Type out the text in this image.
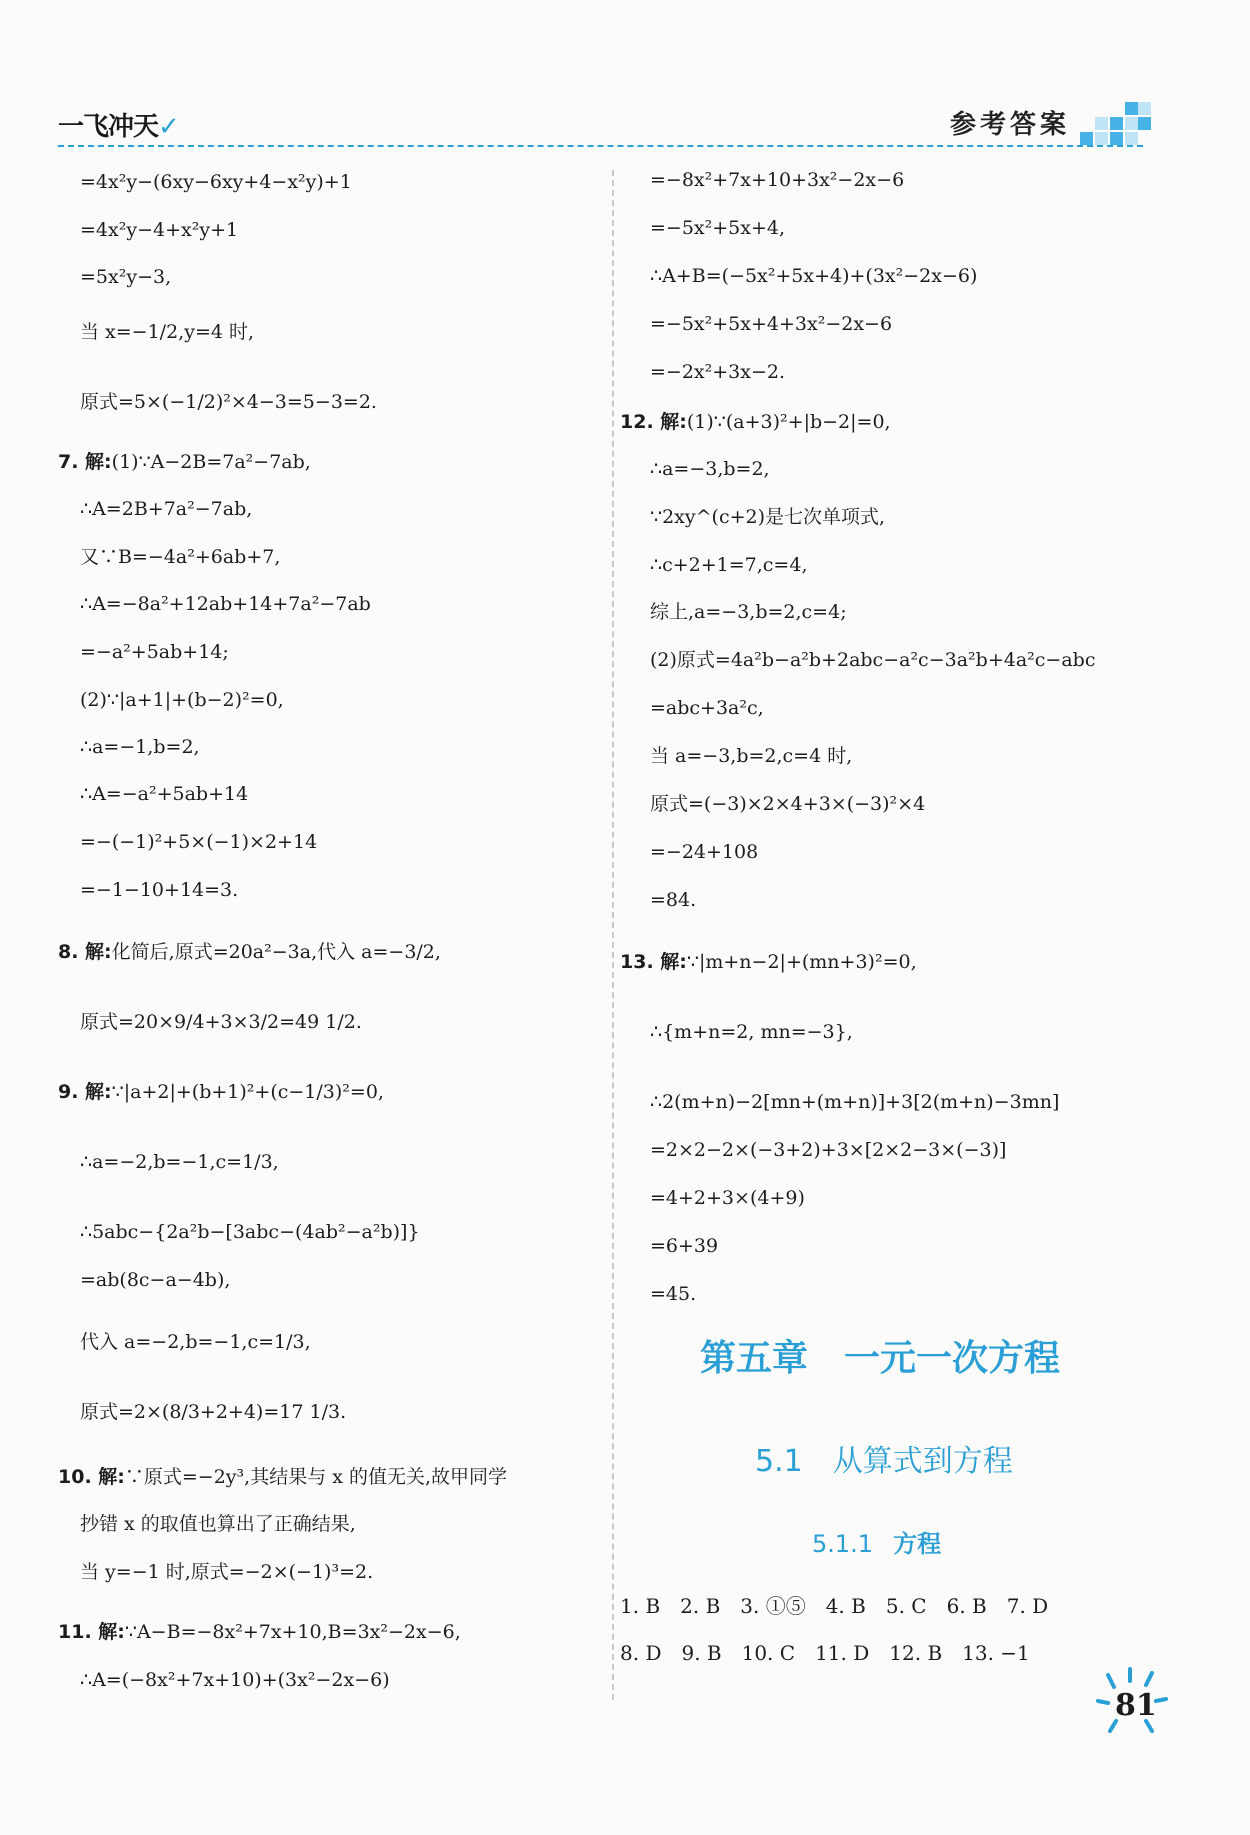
一飞冲天✓	参考答案
=4x²y−(6xy−6xy+4−x²y)+1
=4x²y−4+x²y+1
=5x²y−3,
当 x=−1/2,y=4 时,
原式=5×(−1/2)²×4−3=5−3=2.
7. 解:(1)∵A−2B=7a²−7ab,
∴A=2B+7a²−7ab,
又∵B=−4a²+6ab+7,
∴A=−8a²+12ab+14+7a²−7ab
=−a²+5ab+14;
(2)∵|a+1|+(b−2)²=0,
∴a=−1,b=2,
∴A=−a²+5ab+14
=−(−1)²+5×(−1)×2+14
=−1−10+14=3.
8. 解:化简后,原式=20a²−3a,代入 a=−3/2,
原式=20×9/4+3×3/2=49 1/2.
9. 解:∵|a+2|+(b+1)²+(c−1/3)²=0,
∴a=−2,b=−1,c=1/3,
∴5abc−{2a²b−[3abc−(4ab²−a²b)]}
=ab(8c−a−4b),
代入 a=−2,b=−1,c=1/3,
原式=2×(8/3+2+4)=17 1/3.
10. 解:∵原式=−2y³,其结果与 x 的值无关,故甲同学
抄错 x 的取值也算出了正确结果,
当 y=−1 时,原式=−2×(−1)³=2.
11. 解:∵A−B=−8x²+7x+10,B=3x²−2x−6,
∴A=(−8x²+7x+10)+(3x²−2x−6)
=−8x²+7x+10+3x²−2x−6
=−5x²+5x+4,
∴A+B=(−5x²+5x+4)+(3x²−2x−6)
=−5x²+5x+4+3x²−2x−6
=−2x²+3x−2.
12. 解:(1)∵(a+3)²+|b−2|=0,
∴a=−3,b=2,
∵2xy^(c+2)是七次单项式,
∴c+2+1=7,c=4,
综上,a=−3,b=2,c=4;
(2)原式=4a²b−a²b+2abc−a²c−3a²b+4a²c−abc
=abc+3a²c,
当 a=−3,b=2,c=4 时,
原式=(−3)×2×4+3×(−3)²×4
=−24+108
=84.
13. 解:∵|m+n−2|+(mn+3)²=0,
∴{m+n=2, mn=−3},
∴2(m+n)−2[mn+(m+n)]+3[2(m+n)−3mn]
=2×2−2×(−3+2)+3×[2×2−3×(−3)]
=4+2+3×(4+9)
=6+39
=45.
第五章　一元一次方程
5.1　从算式到方程
5.1.1 方程
1. B　2. B　3. ①⑤　4. B　5. C　6. B　7. D
8. D　9. B　10. C　11. D　12. B　13. −1
81
